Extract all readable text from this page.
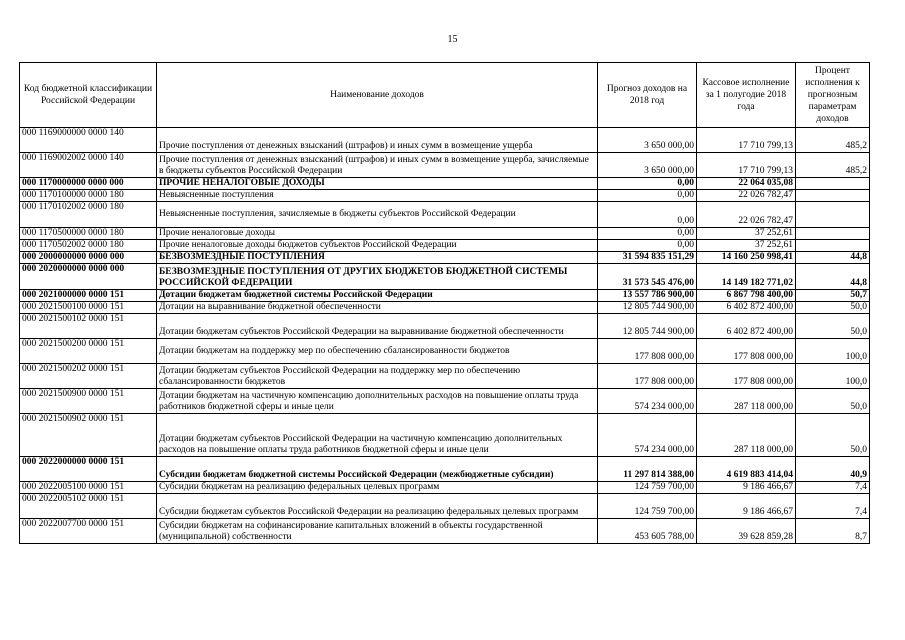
15
Код бюджетной классификации Российской Федерации	Наименование доходов	Прогноз доходов на 2018 год	Кассовое исполнение за 1 полугодие 2018 года	Процент исполнения к прогнозным параметрам доходов
000 1169000000 0000 140	Прочие поступления от денежных взысканий (штрафов) и иных сумм в возмещение ущерба	3 650 000,00	17 710 799,13	485,2
000 1169002002 0000 140	Прочие поступления от денежных взысканий (штрафов) и иных сумм в возмещение ущерба, зачисляемые в бюджеты субъектов Российской Федерации	3 650 000,00	17 710 799,13	485,2
000 1170000000 0000 000	ПРОЧИЕ НЕНАЛОГОВЫЕ ДОХОДЫ	0,00	22 064 035,08	
000 1170100000 0000 180	Невыясненные поступления	0,00	22 026 782,47	
000 1170102002 0000 180	Невыясненные поступления, зачисляемые в бюджеты субъектов Российской Федерации	0,00	22 026 782,47	
000 1170500000 0000 180	Прочие неналоговые доходы	0,00	37 252,61	
000 1170502002 0000 180	Прочие неналоговые доходы бюджетов субъектов Российской Федерации	0,00	37 252,61	
000 2000000000 0000 000	БЕЗВОЗМЕЗДНЫЕ ПОСТУПЛЕНИЯ	31 594 835 151,29	14 160 250 998,41	44,8
000 2020000000 0000 000	БЕЗВОЗМЕЗДНЫЕ ПОСТУПЛЕНИЯ ОТ ДРУГИХ БЮДЖЕТОВ БЮДЖЕТНОЙ СИСТЕМЫ РОССИЙСКОЙ ФЕДЕРАЦИИ	31 573 545 476,00	14 149 182 771,02	44,8
000 2021000000 0000 151	Дотации бюджетам бюджетной системы Российской Федерации	13 557 786 900,00	6 867 798 400,00	50,7
000 2021500100 0000 151	Дотации на выравнивание бюджетной обеспеченности	12 805 744 900,00	6 402 872 400,00	50,0
000 2021500102 0000 151	Дотации бюджетам субъектов Российской Федерации на выравнивание бюджетной обеспеченности	12 805 744 900,00	6 402 872 400,00	50,0
000 2021500200 0000 151	Дотации бюджетам на поддержку мер по обеспечению сбалансированности бюджетов	177 808 000,00	177 808 000,00	100,0
000 2021500202 0000 151	Дотации бюджетам субъектов Российской Федерации на поддержку мер по обеспечению сбалансированности бюджетов	177 808 000,00	177 808 000,00	100,0
000 2021500900 0000 151	Дотации бюджетам на частичную компенсацию дополнительных расходов на повышение оплаты труда работников бюджетной сферы и иные цели	574 234 000,00	287 118 000,00	50,0
000 2021500902 0000 151	Дотации бюджетам субъектов Российской Федерации на частичную компенсацию дополнительных расходов на повышение оплаты труда работников бюджетной сферы и иные цели	574 234 000,00	287 118 000,00	50,0
000 2022000000 0000 151	Субсидии бюджетам бюджетной системы Российской Федерации (межбюджетные субсидии)	11 297 814 388,00	4 619 883 414,04	40,9
000 2022005100 0000 151	Субсидии бюджетам на реализацию федеральных целевых программ	124 759 700,00	9 186 466,67	7,4
000 2022005102 0000 151	Субсидии бюджетам субъектов Российской Федерации на реализацию федеральных целевых программ	124 759 700,00	9 186 466,67	7,4
000 2022007700 0000 151	Субсидии бюджетам на софинансирование капитальных вложений в объекты государственной (муниципальной) собственности	453 605 788,00	39 628 859,28	8,7
